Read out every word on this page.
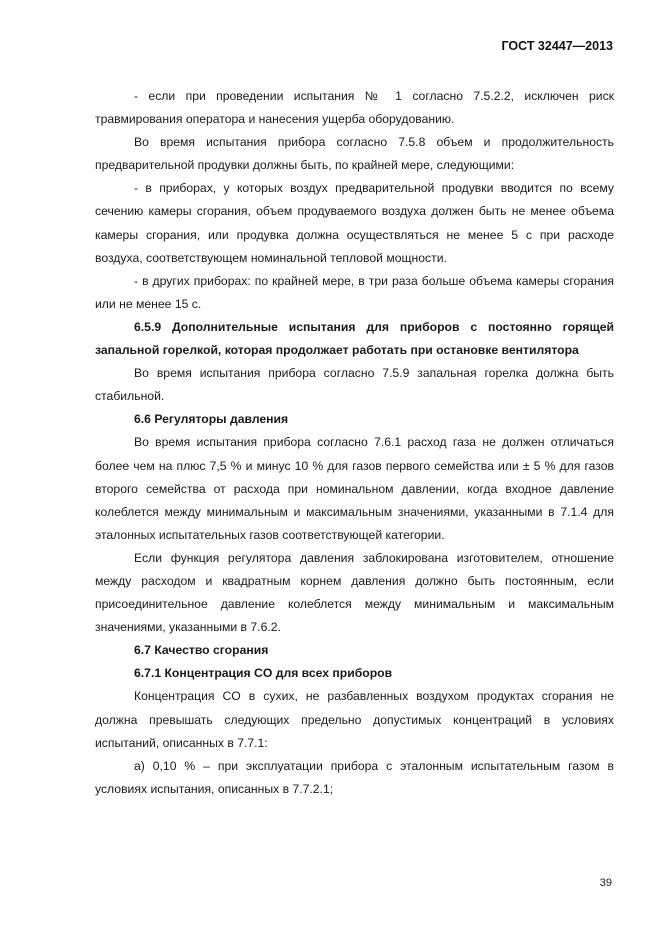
ГОСТ 32447—2013

- если при проведении испытания № 1 согласно 7.5.2.2, исключен риск травмирования оператора и нанесения ущерба оборудованию.

Во время испытания прибора согласно 7.5.8 объем и продолжительность предварительной продувки должны быть, по крайней мере, следующими:

- в приборах, у которых воздух предварительной продувки вводится по всему сечению камеры сгорания, объем продуваемого воздуха должен быть не менее объема камеры сгорания, или продувка должна осуществляться не менее 5 с при расходе воздуха, соответствующем номинальной тепловой мощности.

- в других приборах: по крайней мере, в три раза больше объема камеры сгорания или не менее 15 с.

6.5.9 Дополнительные испытания для приборов с постоянно горящей запальной горелкой, которая продолжает работать при остановке вентилятора

Во время испытания прибора согласно 7.5.9 запальная горелка должна быть стабильной.

6.6 Регуляторы давления

Во время испытания прибора согласно 7.6.1 расход газа не должен отличаться более чем на плюс 7,5 % и минус 10 % для газов первого семейства или ± 5 % для газов второго семейства от расхода при номинальном давлении, когда входное давление колеблется между минимальным и максимальным значениями, указанными в 7.1.4 для эталонных испытательных газов соответствующей категории.

Если функция регулятора давления заблокирована изготовителем, отношение между расходом и квадратным корнем давления должно быть постоянным, если присоединительное давление колеблется между минимальным и максимальным значениями, указанными в 7.6.2.

6.7 Качество сгорания

6.7.1 Концентрация CO для всех приборов

Концентрация CO в сухих, не разбавленных воздухом продуктах сгорания не должна превышать следующих предельно допустимых концентраций в условиях испытаний, описанных в 7.7.1:

а) 0,10 % – при эксплуатации прибора с эталонным испытательным газом в условиях испытания, описанных в 7.7.2.1;

39
